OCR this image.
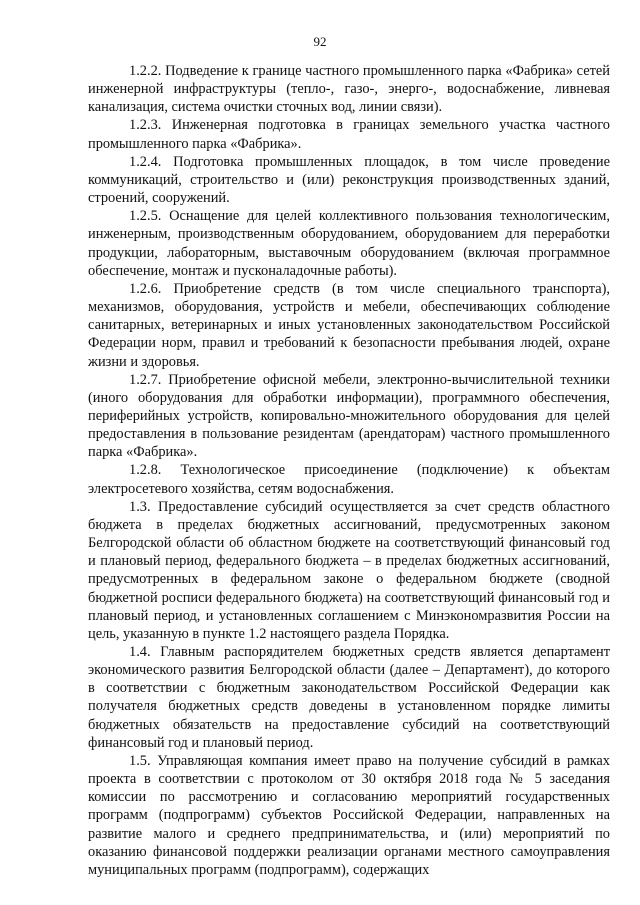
92

1.2.2. Подведение к границе частного промышленного парка «Фабрика» сетей инженерной инфраструктуры (тепло-, газо-, энерго-, водоснабжение, ливневая канализация, система очистки сточных вод, линии связи).

1.2.3. Инженерная подготовка в границах земельного участка частного промышленного парка «Фабрика».

1.2.4. Подготовка промышленных площадок, в том числе проведение коммуникаций, строительство и (или) реконструкция производственных зданий, строений, сооружений.

1.2.5. Оснащение для целей коллективного пользования технологическим, инженерным, производственным оборудованием, оборудованием для переработки продукции, лабораторным, выставочным оборудованием (включая программное обеспечение, монтаж и пусконаладочные работы).

1.2.6. Приобретение средств (в том числе специального транспорта), механизмов, оборудования, устройств и мебели, обеспечивающих соблюдение санитарных, ветеринарных и иных установленных законодательством Российской Федерации норм, правил и требований к безопасности пребывания людей, охране жизни и здоровья.

1.2.7. Приобретение офисной мебели, электронно-вычислительной техники (иного оборудования для обработки информации), программного обеспечения, периферийных устройств, копировально-множительного оборудования для целей предоставления в пользование резидентам (арендаторам) частного промышленного парка «Фабрика».

1.2.8. Технологическое присоединение (подключение) к объектам электросетевого хозяйства, сетям водоснабжения.

1.3. Предоставление субсидий осуществляется за счет средств областного бюджета в пределах бюджетных ассигнований, предусмотренных законом Белгородской области об областном бюджете на соответствующий финансовый год и плановый период, федерального бюджета – в пределах бюджетных ассигнований, предусмотренных в федеральном законе о федеральном бюджете (сводной бюджетной росписи федерального бюджета) на соответствующий финансовый год и плановый период, и установленных соглашением с Минэкономразвития России на цель, указанную в пункте 1.2 настоящего раздела Порядка.

1.4. Главным распорядителем бюджетных средств является департамент экономического развития Белгородской области (далее – Департамент), до которого в соответствии с бюджетным законодательством Российской Федерации как получателя бюджетных средств доведены в установленном порядке лимиты бюджетных обязательств на предоставление субсидий на соответствующий финансовый год и плановый период.

1.5. Управляющая компания имеет право на получение субсидий в рамках проекта в соответствии с протоколом от 30 октября 2018 года № 5 заседания комиссии по рассмотрению и согласованию мероприятий государственных программ (подпрограмм) субъектов Российской Федерации, направленных на развитие малого и среднего предпринимательства, и (или) мероприятий по оказанию финансовой поддержки реализации органами местного самоуправления муниципальных программ (подпрограмм), содержащих
